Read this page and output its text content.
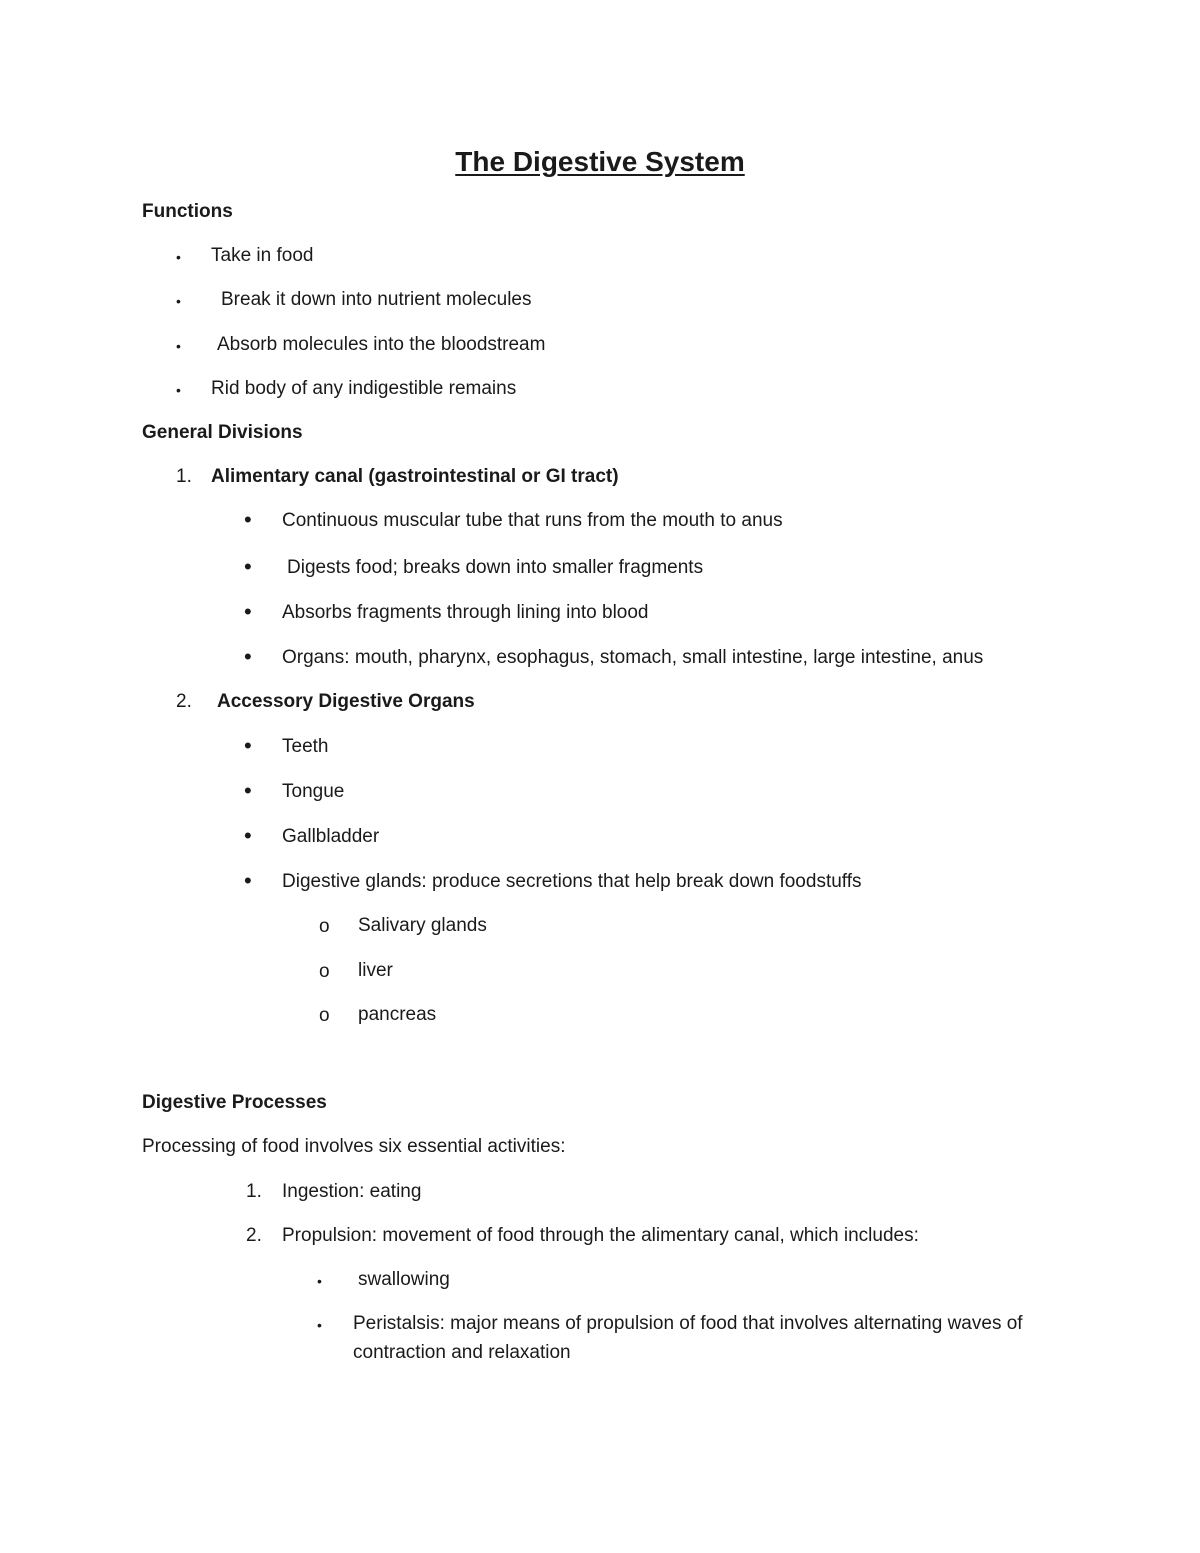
The Digestive System
Functions
• Take in food
• Break it down into nutrient molecules
• Absorb molecules into the bloodstream
• Rid body of any indigestible remains
General Divisions
1. Alimentary canal (gastrointestinal or GI tract)
• Continuous muscular tube that runs from the mouth to anus
• Digests food; breaks down into smaller fragments
• Absorbs fragments through lining into blood
• Organs: mouth, pharynx, esophagus, stomach, small intestine, large intestine, anus
2. Accessory Digestive Organs
• Teeth
• Tongue
• Gallbladder
• Digestive glands: produce secretions that help break down foodstuffs
o Salivary glands
o liver
o pancreas
Digestive Processes
Processing of food involves six essential activities:
1. Ingestion: eating
2. Propulsion: movement of food through the alimentary canal, which includes:
• swallowing
• Peristalsis: major means of propulsion of food that involves alternating waves of
contraction and relaxation
